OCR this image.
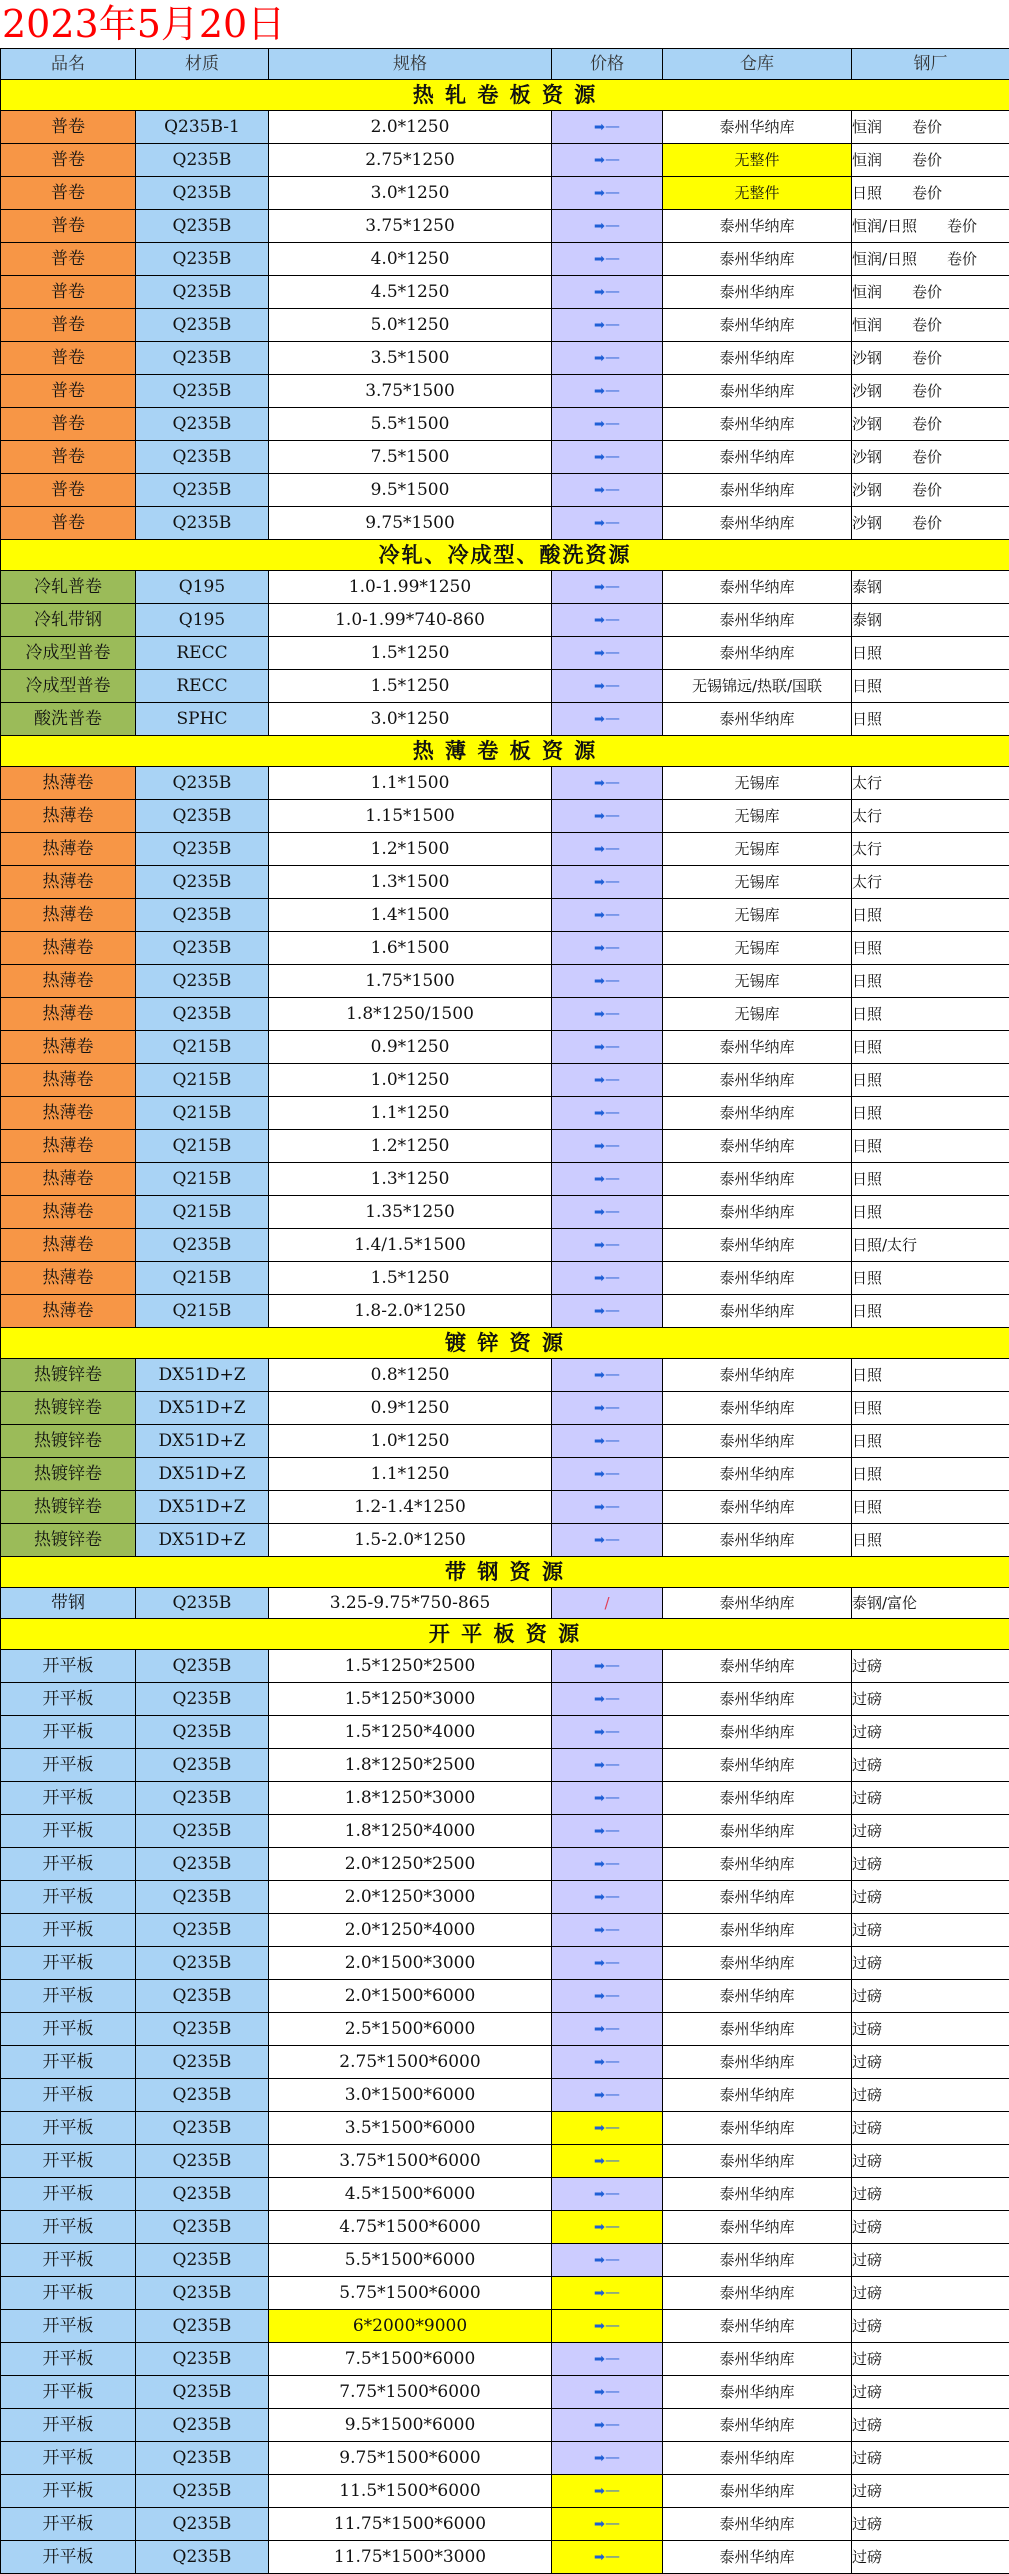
2023年5月20日
品名	材质	规格	价格	仓库	钢厂
热 轧 卷 板 资 源					
普卷	Q235B-1	2.0*1250	➡—	泰州华纳库	恒润　　卷价
普卷	Q235B	2.75*1250	➡—	无整件	恒润　　卷价
普卷	Q235B	3.0*1250	➡—	无整件	日照　　卷价
普卷	Q235B	3.75*1250	➡—	泰州华纳库	恒润/日照　　卷价
普卷	Q235B	4.0*1250	➡—	泰州华纳库	恒润/日照　　卷价
普卷	Q235B	4.5*1250	➡—	泰州华纳库	恒润　　卷价
普卷	Q235B	5.0*1250	➡—	泰州华纳库	恒润　　卷价
普卷	Q235B	3.5*1500	➡—	泰州华纳库	沙钢　　卷价
普卷	Q235B	3.75*1500	➡—	泰州华纳库	沙钢　　卷价
普卷	Q235B	5.5*1500	➡—	泰州华纳库	沙钢　　卷价
普卷	Q235B	7.5*1500	➡—	泰州华纳库	沙钢　　卷价
普卷	Q235B	9.5*1500	➡—	泰州华纳库	沙钢　　卷价
普卷	Q235B	9.75*1500	➡—	泰州华纳库	沙钢　　卷价
冷轧、冷成型、酸洗资源					
冷轧普卷	Q195	1.0-1.99*1250	➡—	泰州华纳库	泰钢
冷轧带钢	Q195	1.0-1.99*740-860	➡—	泰州华纳库	泰钢
冷成型普卷	RECC	1.5*1250	➡—	泰州华纳库	日照
冷成型普卷	RECC	1.5*1250	➡—	无锡锦远/热联/国联	日照
酸洗普卷	SPHC	3.0*1250	➡—	泰州华纳库	日照
热 薄 卷 板 资 源					
热薄卷	Q235B	1.1*1500	➡—	无锡库	太行
热薄卷	Q235B	1.15*1500	➡—	无锡库	太行
热薄卷	Q235B	1.2*1500	➡—	无锡库	太行
热薄卷	Q235B	1.3*1500	➡—	无锡库	太行
热薄卷	Q235B	1.4*1500	➡—	无锡库	日照
热薄卷	Q235B	1.6*1500	➡—	无锡库	日照
热薄卷	Q235B	1.75*1500	➡—	无锡库	日照
热薄卷	Q235B	1.8*1250/1500	➡—	无锡库	日照
热薄卷	Q215B	0.9*1250	➡—	泰州华纳库	日照
热薄卷	Q215B	1.0*1250	➡—	泰州华纳库	日照
热薄卷	Q215B	1.1*1250	➡—	泰州华纳库	日照
热薄卷	Q215B	1.2*1250	➡—	泰州华纳库	日照
热薄卷	Q215B	1.3*1250	➡—	泰州华纳库	日照
热薄卷	Q215B	1.35*1250	➡—	泰州华纳库	日照
热薄卷	Q235B	1.4/1.5*1500	➡—	泰州华纳库	日照/太行
热薄卷	Q215B	1.5*1250	➡—	泰州华纳库	日照
热薄卷	Q215B	1.8-2.0*1250	➡—	泰州华纳库	日照
镀 锌 资 源					
热镀锌卷	DX51D+Z	0.8*1250	➡—	泰州华纳库	日照
热镀锌卷	DX51D+Z	0.9*1250	➡—	泰州华纳库	日照
热镀锌卷	DX51D+Z	1.0*1250	➡—	泰州华纳库	日照
热镀锌卷	DX51D+Z	1.1*1250	➡—	泰州华纳库	日照
热镀锌卷	DX51D+Z	1.2-1.4*1250	➡—	泰州华纳库	日照
热镀锌卷	DX51D+Z	1.5-2.0*1250	➡—	泰州华纳库	日照
带 钢 资 源					
带钢	Q235B	3.25-9.75*750-865	/	泰州华纳库	泰钢/富伦
开 平 板 资 源					
开平板	Q235B	1.5*1250*2500	➡—	泰州华纳库	过磅
开平板	Q235B	1.5*1250*3000	➡—	泰州华纳库	过磅
开平板	Q235B	1.5*1250*4000	➡—	泰州华纳库	过磅
开平板	Q235B	1.8*1250*2500	➡—	泰州华纳库	过磅
开平板	Q235B	1.8*1250*3000	➡—	泰州华纳库	过磅
开平板	Q235B	1.8*1250*4000	➡—	泰州华纳库	过磅
开平板	Q235B	2.0*1250*2500	➡—	泰州华纳库	过磅
开平板	Q235B	2.0*1250*3000	➡—	泰州华纳库	过磅
开平板	Q235B	2.0*1250*4000	➡—	泰州华纳库	过磅
开平板	Q235B	2.0*1500*3000	➡—	泰州华纳库	过磅
开平板	Q235B	2.0*1500*6000	➡—	泰州华纳库	过磅
开平板	Q235B	2.5*1500*6000	➡—	泰州华纳库	过磅
开平板	Q235B	2.75*1500*6000	➡—	泰州华纳库	过磅
开平板	Q235B	3.0*1500*6000	➡—	泰州华纳库	过磅
开平板	Q235B	3.5*1500*6000	➡—	泰州华纳库	过磅
开平板	Q235B	3.75*1500*6000	➡—	泰州华纳库	过磅
开平板	Q235B	4.5*1500*6000	➡—	泰州华纳库	过磅
开平板	Q235B	4.75*1500*6000	➡—	泰州华纳库	过磅
开平板	Q235B	5.5*1500*6000	➡—	泰州华纳库	过磅
开平板	Q235B	5.75*1500*6000	➡—	泰州华纳库	过磅
开平板	Q235B	6*2000*9000	➡—	泰州华纳库	过磅
开平板	Q235B	7.5*1500*6000	➡—	泰州华纳库	过磅
开平板	Q235B	7.75*1500*6000	➡—	泰州华纳库	过磅
开平板	Q235B	9.5*1500*6000	➡—	泰州华纳库	过磅
开平板	Q235B	9.75*1500*6000	➡—	泰州华纳库	过磅
开平板	Q235B	11.5*1500*6000	➡—	泰州华纳库	过磅
开平板	Q235B	11.75*1500*6000	➡—	泰州华纳库	过磅
开平板	Q235B	11.75*1500*3000	➡—	泰州华纳库	过磅
